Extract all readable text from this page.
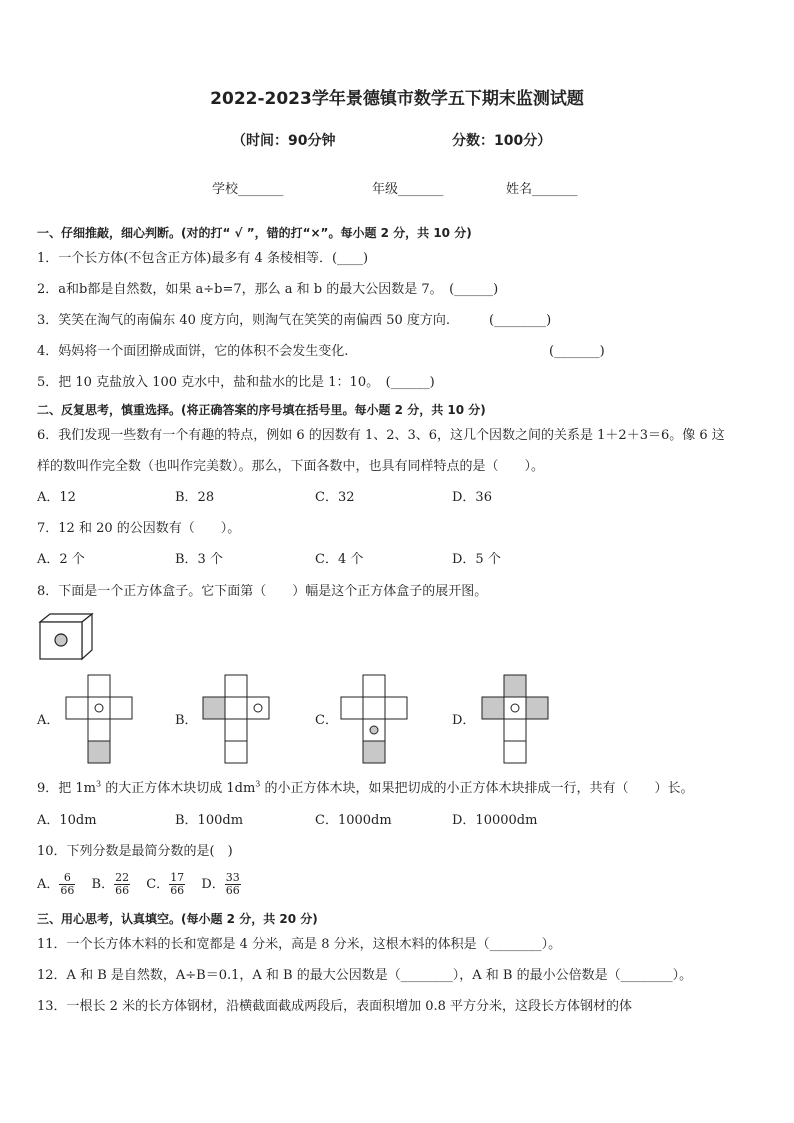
2022-2023学年景德镇市数学五下期末监测试题
（时间：90分钟	分数：100分）
学校_______	年级_______	姓名_______
一、仔细推敲，细心判断。(对的打“ √ ”，错的打“×”。每小题 2 分，共 10 分)
1．一个长方体(不包含正方体)最多有 4 条棱相等．(____)
2．a和b都是自然数，如果 a÷b=7，那么 a 和 b 的最大公因数是 7。　(______)
3．笑笑在淘气的南偏东 40 度方向，则淘气在笑笑的南偏西 50 度方向.　　　(________)
4．妈妈将一个面团擀成面饼，它的体积不会发生变化.	(_______)
5．把 10 克盐放入 100 克水中，盐和盐水的比是 1：10。　(______)
二、反复思考，慎重选择。(将正确答案的序号填在括号里。每小题 2 分，共 10 分)
6．我们发现一些数有一个有趣的特点，例如 6 的因数有 1、2、3、6，这几个因数之间的关系是 1＋2＋3＝6。像 6 这
样的数叫作完全数（也叫作完美数）。那么，下面各数中，也具有同样特点的是（　　）。
A．12	B．28	C．32	D．36
7．12 和 20 的公因数有（　　）。
A．2 个	B．3 个	C．4 个	D．5 个
8．下面是一个正方体盒子。它下面第（　　）幅是这个正方体盒子的展开图。
A．	B．	C．	D．
9．把 $1m^3$ 的大正方体木块切成 $1dm^3$ 的小正方体木块，如果把切成的小正方体木块排成一行，共有（　　）长。
A．10dm	B．100dm	C．1000dm	D．10000dm
10．下列分数是最简分数的是(　)
A． $\frac{6}{66}$ B． $\frac{22}{66}$ C． $\frac{17}{66}$ D． $\frac{33}{66}$
三、用心思考，认真填空。(每小题 2 分，共 20 分)
11．一个长方体木料的长和宽都是 4 分米，高是 8 分米，这根木料的体积是（________）。
12．A 和 B 是自然数，A÷B＝0.1，A 和 B 的最大公因数是（________），A 和 B 的最小公倍数是（________）。
13．一根长 2 米的长方体钢材，沿横截面截成两段后，表面积增加 0.8 平方分米，这段长方体钢材的体
